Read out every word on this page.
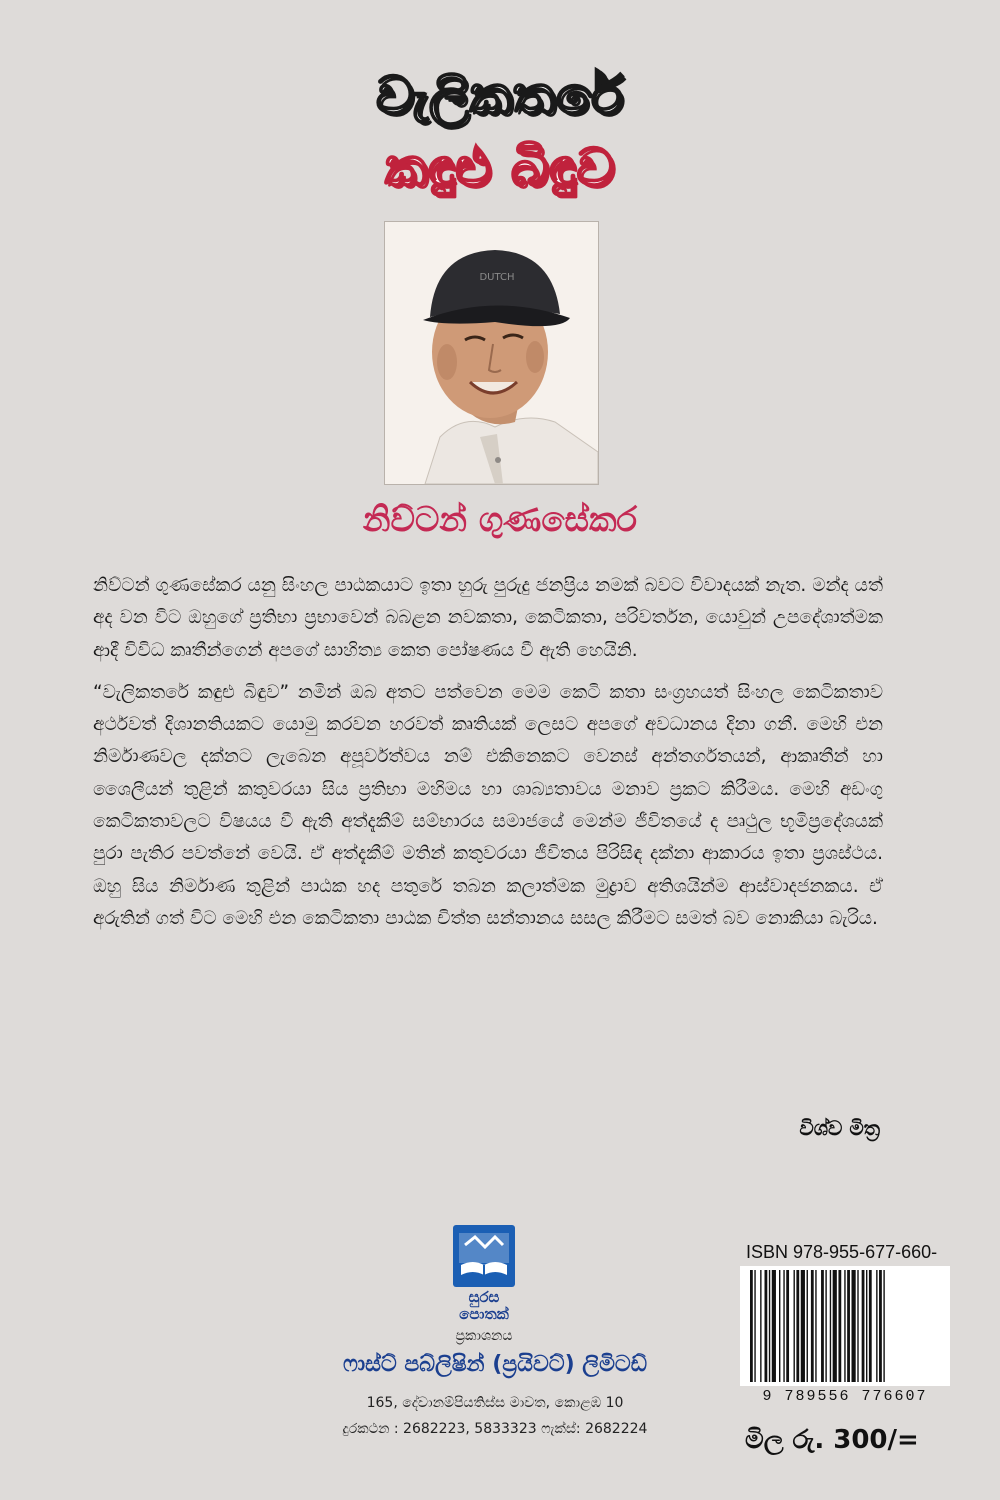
වැලිකතරේ
කඳුළු බිඳුව
DUTCH
නිව්ටන් ගුණසේකර

නිව්ටන් ගුණසේකර යනු සිංහල පාඨකයාට ඉතා හුරු පුරුදු ජනප්‍රිය නමක් බවට විවාදයක් නැත. මන්ද යත් අද වන විට ඔහුගේ ප්‍රතිභා ප්‍රභාවෙන් බබළන නවකතා, කෙටිකතා, පරිවර්තන, යොවුන් උපදේශාත්මක ආදී විවිධ කෘතීන්ගෙන් අපගේ සාහිත්‍ය කෙත පෝෂණය වී ඇති හෙයිනි.

“වැලිකතරේ කඳුළු බිඳුව” නමින් ඔබ අතට පත්වෙන මෙම කෙටි කතා සංග්‍රහයත් සිංහල කෙටිකතාව අර්ථවත් දිශානතියකට යොමු කරවන හරවත් කෘතියක් ලෙසට අපගේ අවධානය දිනා ගනී. මෙහි එන නිර්මාණවල දක්නට ලැබෙන අපූර්වත්වය නම් එකිනෙකට වෙනස් අන්තර්ගතයන්, ආකෘතීන් හා ශෛලීයන් තුළින් කතුවරයා සිය ප්‍රතිභා මහිමය හා ශාබ්‍යතාවය මනාව ප්‍රකට කිරීමය. මෙහි අඩංගු කෙටිකතාවලට විෂයය වී ඇති අත්දැකීම් සම්භාරය සමාජයේ මෙන්ම ජීවිතයේ ද පෘථුල භූමිප්‍රදේශයක් පුරා පැතිර පවත්නේ වෙයි. ඒ අත්දැකීම් මතින් කතුවරයා ජීවිතය පිරිසිඳ දක්නා ආකාරය ඉතා ප්‍රශස්ථය. ඔහු සිය නිර්මාණ තුළින් පාඨක හද පතුරේ තබන කලාත්මක මුද්‍රාව අතිශයින්ම ආස්වාදජනකය. ඒ අරුතින් ගත් විට මෙහි එන කෙටිකතා පාඨක චිත්ත සන්තානය සසල කිරීමට සමත් බව නොකියා බැරිය.

විශ්ව මිත්‍ර
සුරස
පොතක්
ප්‍රකාශනය
ෆාස්ට් පබ්ලිෂින් (ප්‍රයිවට්) ලිමිටඩ්
165, දේවානම්පියතිස්ස මාවත, කොළඹ 10
දුරකථන : 2682223, 5833323 ෆැක්ස්: 2682224
ISBN 978-955-677-660-
9 789556 776607
මිල රු. 300/=
